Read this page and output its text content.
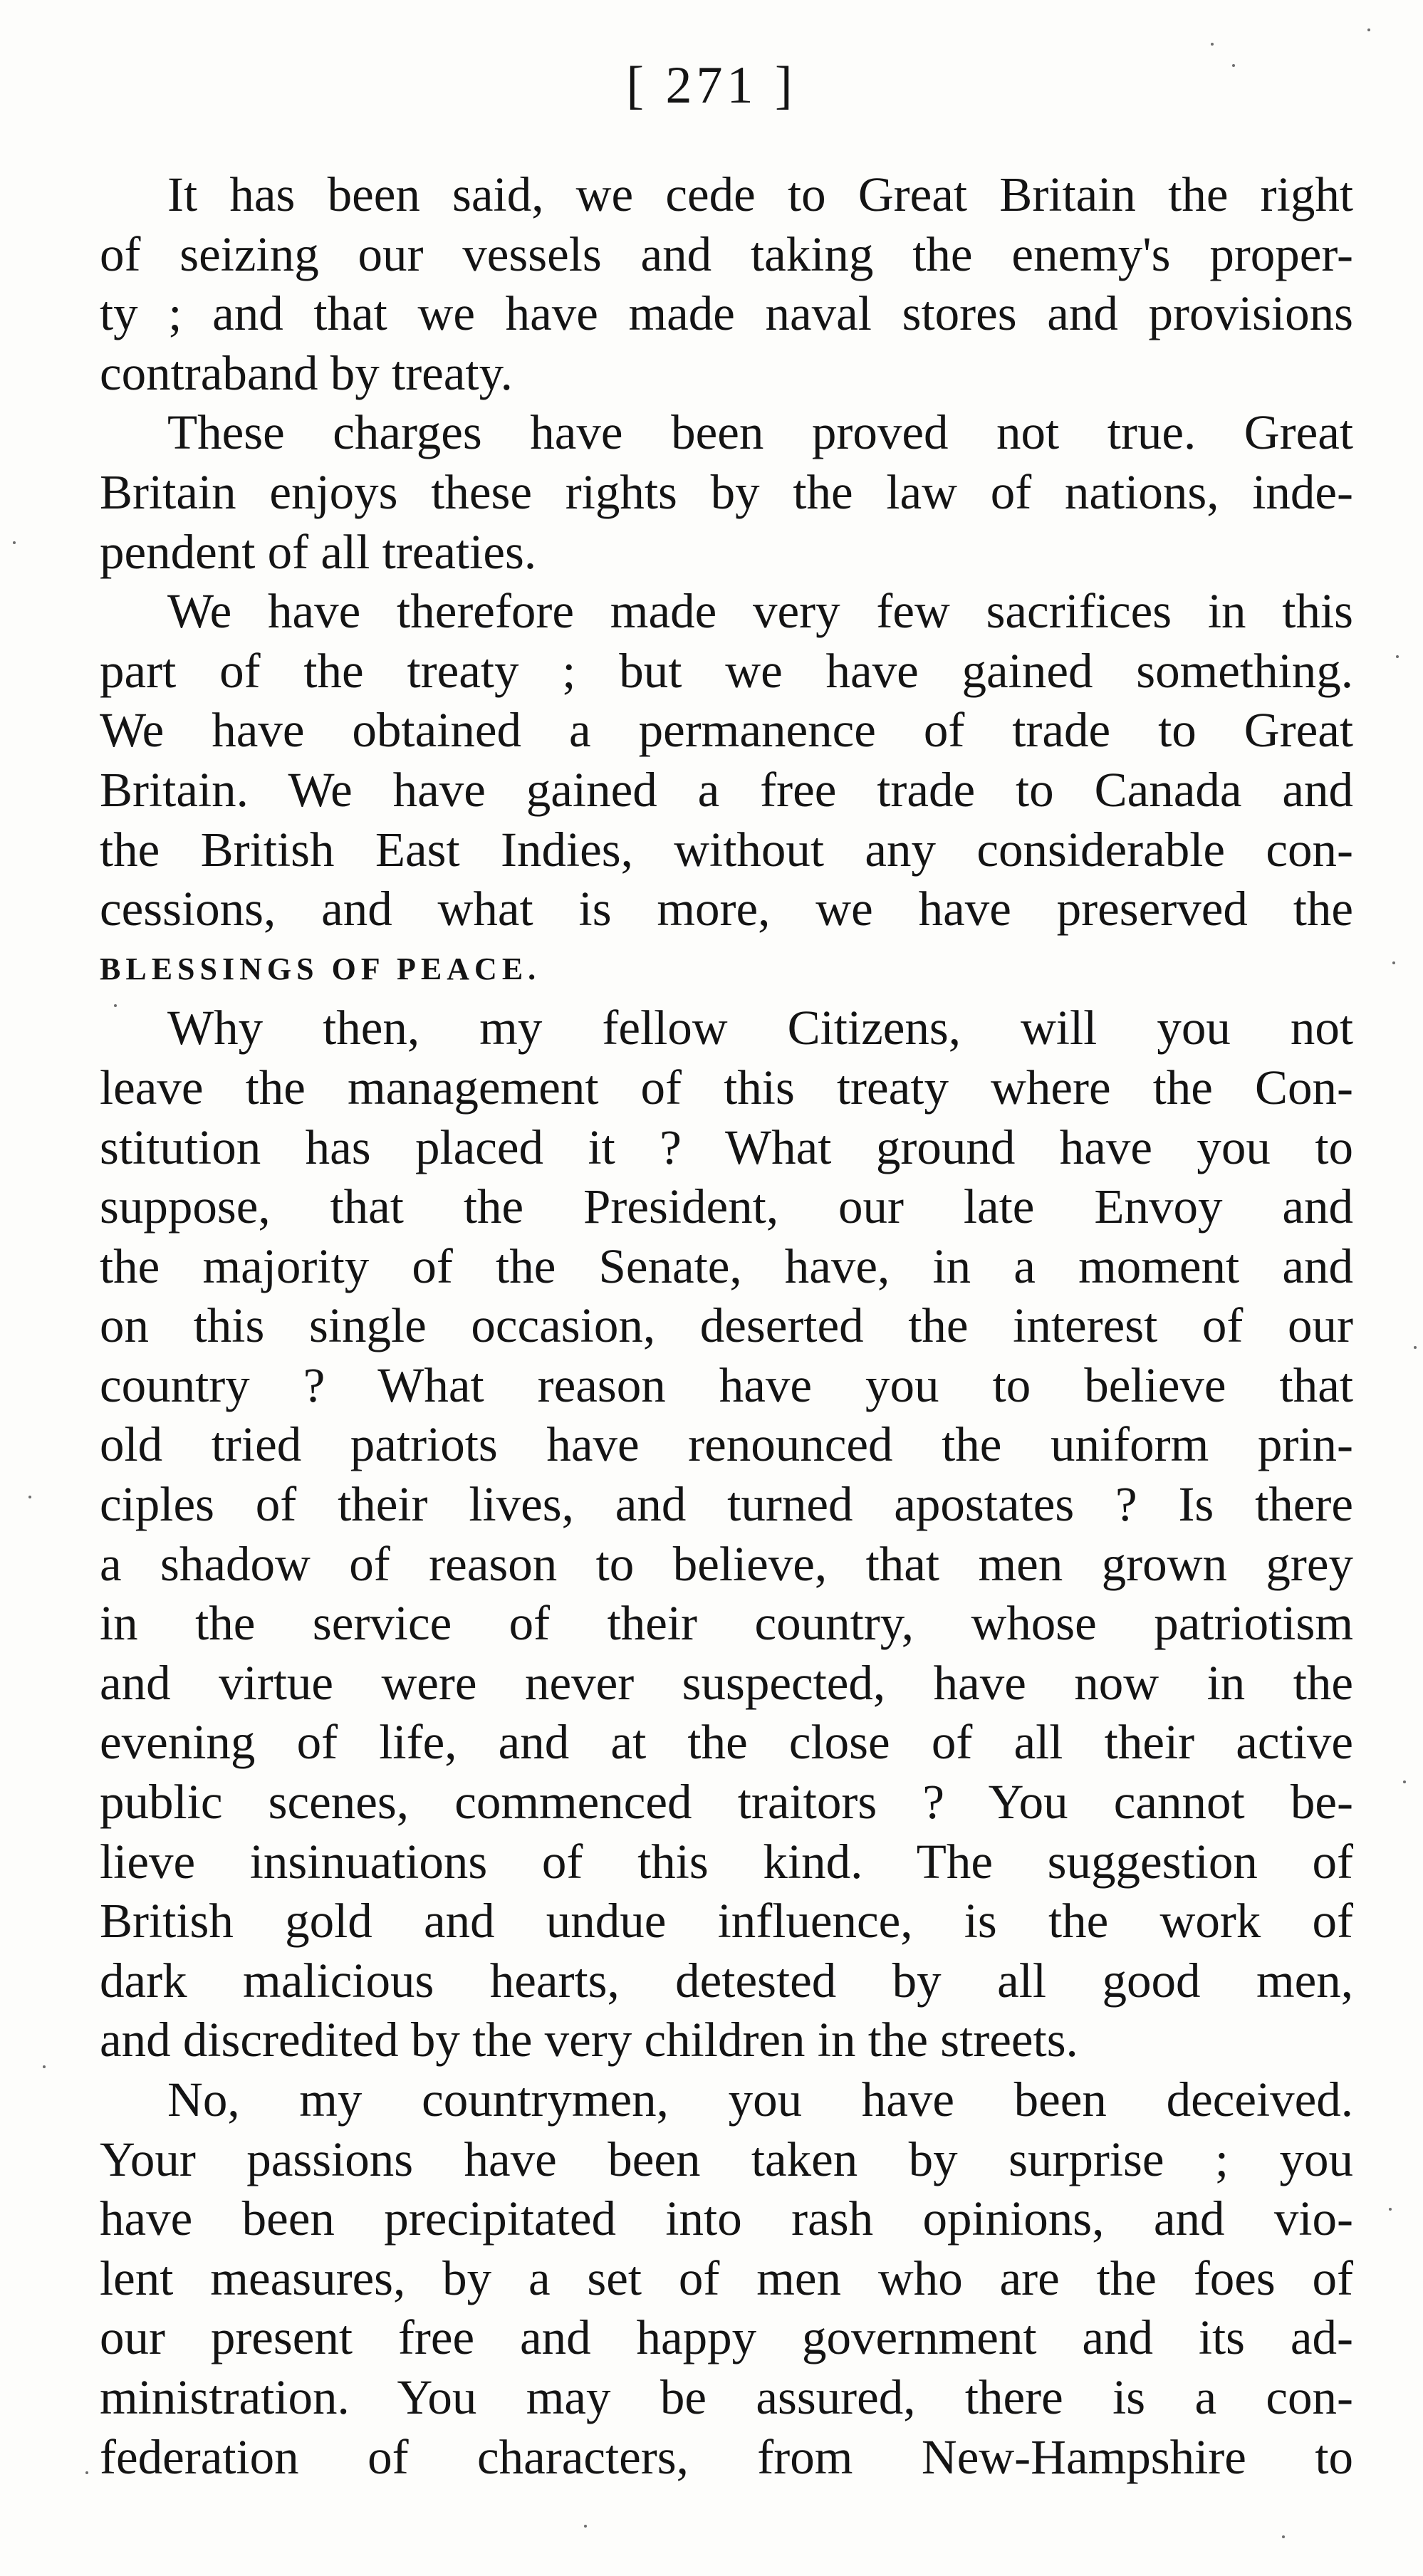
[ 271 ]
It has been said, we cede to Great Britain the right
of seizing our vessels and taking the enemy's proper-
ty ; and that we have made naval stores and provisions
contraband by treaty.
These charges have been proved not true. Great
Britain enjoys these rights by the law of nations, inde-
pendent of all treaties.
We have therefore made very few sacrifices in this
part of the treaty ; but we have gained something.
We have obtained a permanence of trade to Great
Britain. We have gained a free trade to Canada and
the British East Indies, without any considerable con-
cessions, and what is more, we have preserved the
BLESSINGS OF PEACE.
Why then, my fellow Citizens, will you not
leave the management of this treaty where the Con-
stitution has placed it ? What ground have you to
suppose, that the President, our late Envoy and
the majority of the Senate, have, in a moment and
on this single occasion, deserted the interest of our
country ? What reason have you to believe that
old tried patriots have renounced the uniform prin-
ciples of their lives, and turned apostates ? Is there
a shadow of reason to believe, that men grown grey
in the service of their country, whose patriotism
and virtue were never suspected, have now in the
evening of life, and at the close of all their active
public scenes, commenced traitors ? You cannot be-
lieve insinuations of this kind. The suggestion of
British gold and undue influence, is the work of
dark malicious hearts, detested by all good men,
and discredited by the very children in the streets.
No, my countrymen, you have been deceived.
Your passions have been taken by surprise ; you
have been precipitated into rash opinions, and vio-
lent measures, by a set of men who are the foes of
our present free and happy government and its ad-
ministration. You may be assured, there is a con-
federation of characters, from New-Hampshire to
